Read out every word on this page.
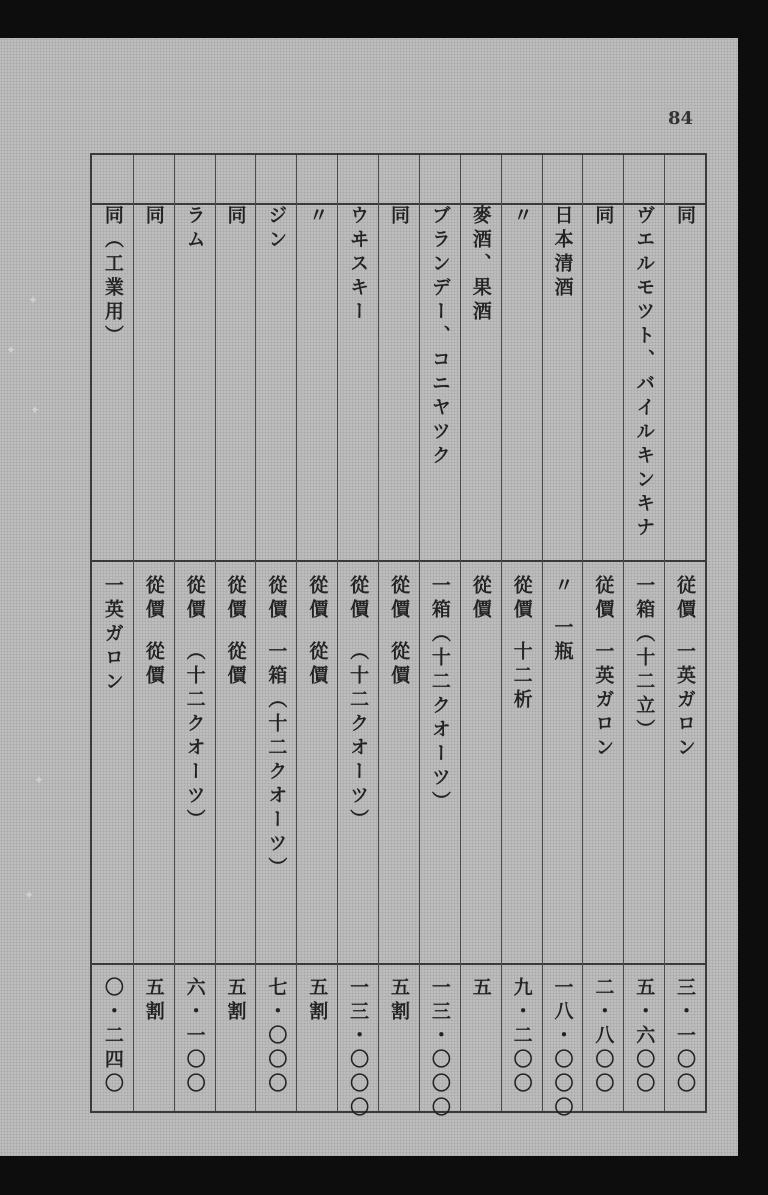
84
同
従價
一英ガロン
三・一〇〇
ヴエルモツト、バイルキンキナ
一箱（十二立）
五・六〇〇
同
従價
一英ガロン
二・八〇〇
日本清酒
〃
一瓶
一八・〇〇〇
〃
從價
十二析
九・二〇〇
麥酒、果酒
從價
五
ブランデー、コニヤツク
一箱（十二クオーツ）
一三・〇〇〇
同
從價
從價
五割
ウヰスキー
從價
（十二クオーツ）
一三・〇〇〇
〃
從價
從價
五割
ジン
從價
一箱（十二クオーツ）
七・〇〇〇
同
從價
從價
五割
ラム
從價
（十二クオーツ）
六・一〇〇
同
從價
從價
五割
同（工業用）
一英ガロン
〇・二四〇
✦
✦
✦
✦
✦
